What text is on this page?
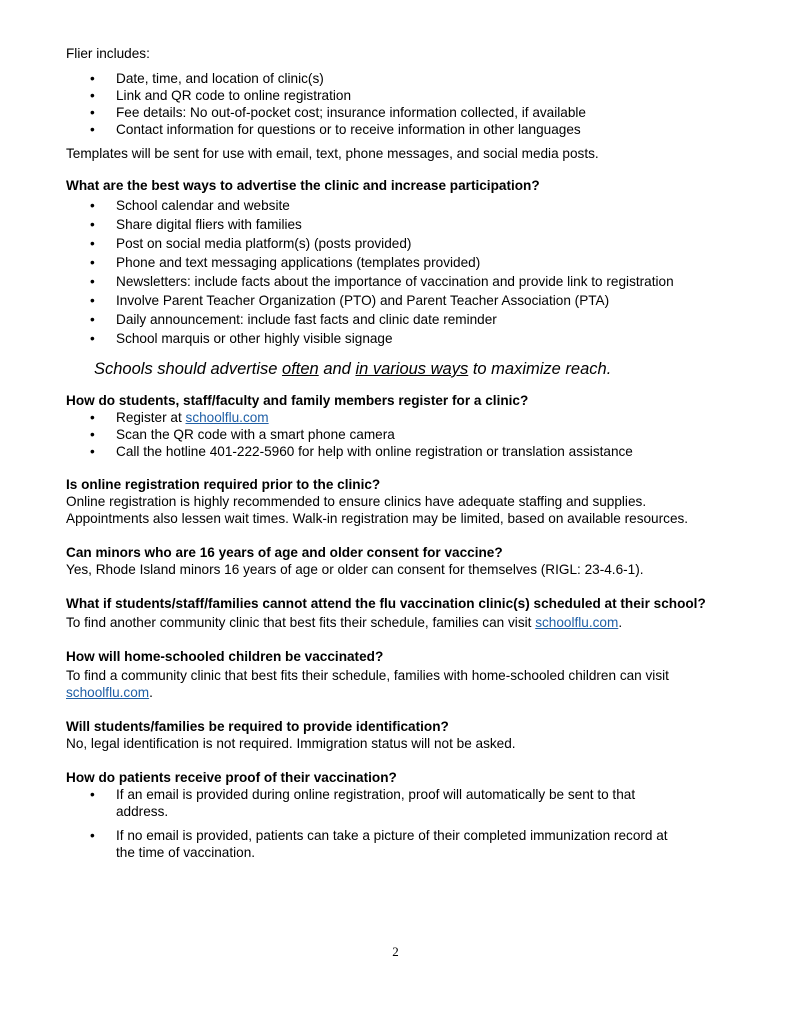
Flier includes:

• Date, time, and location of clinic(s)
• Link and QR code to online registration
• Fee details: No out-of-pocket cost; insurance information collected, if available
• Contact information for questions or to receive information in other languages

Templates will be sent for use with email, text, phone messages, and social media posts.

What are the best ways to advertise the clinic and increase participation?

• School calendar and website
• Share digital fliers with families
• Post on social media platform(s) (posts provided)
• Phone and text messaging applications (templates provided)
• Newsletters: include facts about the importance of vaccination and provide link to registration
• Involve Parent Teacher Organization (PTO) and Parent Teacher Association (PTA)
• Daily announcement: include fast facts and clinic date reminder
• School marquis or other highly visible signage

Schools should advertise often and in various ways to maximize reach.

How do students, staff/faculty and family members register for a clinic?

• Register at schoolflu.com
• Scan the QR code with a smart phone camera
• Call the hotline 401-222-5960 for help with online registration or translation assistance

Is online registration required prior to the clinic?

Online registration is highly recommended to ensure clinics have adequate staffing and supplies. Appointments also lessen wait times. Walk-in registration may be limited, based on available resources.

Can minors who are 16 years of age and older consent for vaccine?

Yes, Rhode Island minors 16 years of age or older can consent for themselves (RIGL: 23-4.6-1).

What if students/staff/families cannot attend the flu vaccination clinic(s) scheduled at their school?

To find another community clinic that best fits their schedule, families can visit schoolflu.com.

How will home-schooled children be vaccinated?

To find a community clinic that best fits their schedule, families with home-schooled children can visit schoolflu.com.

Will students/families be required to provide identification?

No, legal identification is not required. Immigration status will not be asked.

How do patients receive proof of their vaccination?

• If an email is provided during online registration, proof will automatically be sent to that address.
• If no email is provided, patients can take a picture of their completed immunization record at the time of vaccination.
2
